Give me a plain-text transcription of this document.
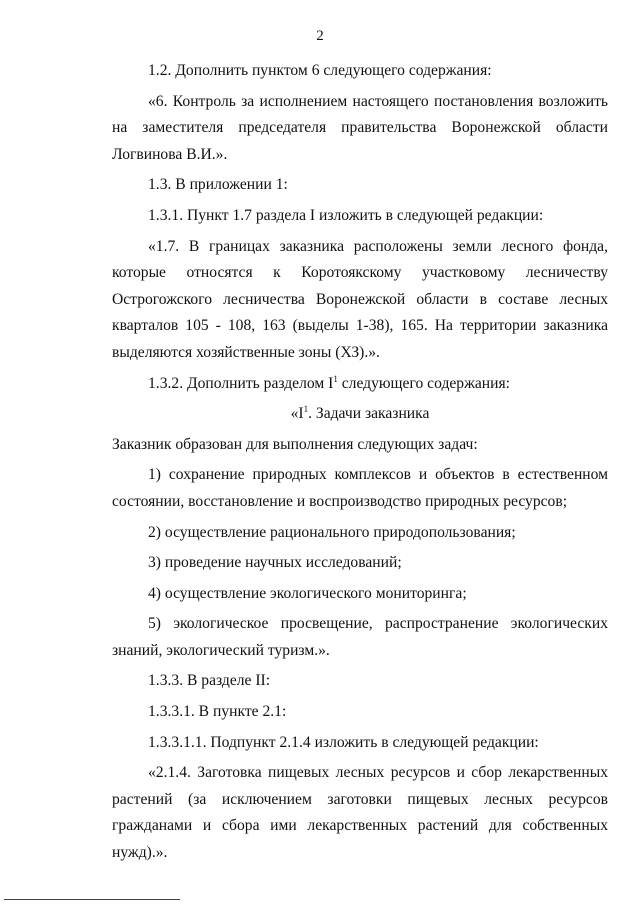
2

1.2. Дополнить пунктом 6 следующего содержания:

«6. Контроль за исполнением настоящего постановления возложить на заместителя председателя правительства Воронежской области Логвинова В.И.».

1.3. В приложении 1:

1.3.1. Пункт 1.7 раздела I изложить в следующей редакции:

«1.7. В границах заказника расположены земли лесного фонда, которые относятся к Коротоякскому участковому лесничеству Острогожского лесничества Воронежской области в составе лесных кварталов 105 - 108, 163 (выделы 1-38), 165. На территории заказника выделяются хозяйственные зоны (ХЗ).».

1.3.2. Дополнить разделом $I^1$ следующего содержания:

«$I^1$. Задачи заказника

Заказник образован для выполнения следующих задач:

1) сохранение природных комплексов и объектов в естественном состоянии, восстановление и воспроизводство природных ресурсов;

2) осуществление рационального природопользования;

3) проведение научных исследований;

4) осуществление экологического мониторинга;

5) экологическое просвещение, распространение экологических знаний, экологический туризм.».

1.3.3. В разделе II:

1.3.3.1. В пункте 2.1:

1.3.3.1.1. Подпункт 2.1.4 изложить в следующей редакции:

«2.1.4. Заготовка пищевых лесных ресурсов и сбор лекарственных растений (за исключением заготовки пищевых лесных ресурсов гражданами и сбора ими лекарственных растений для собственных нужд).».
